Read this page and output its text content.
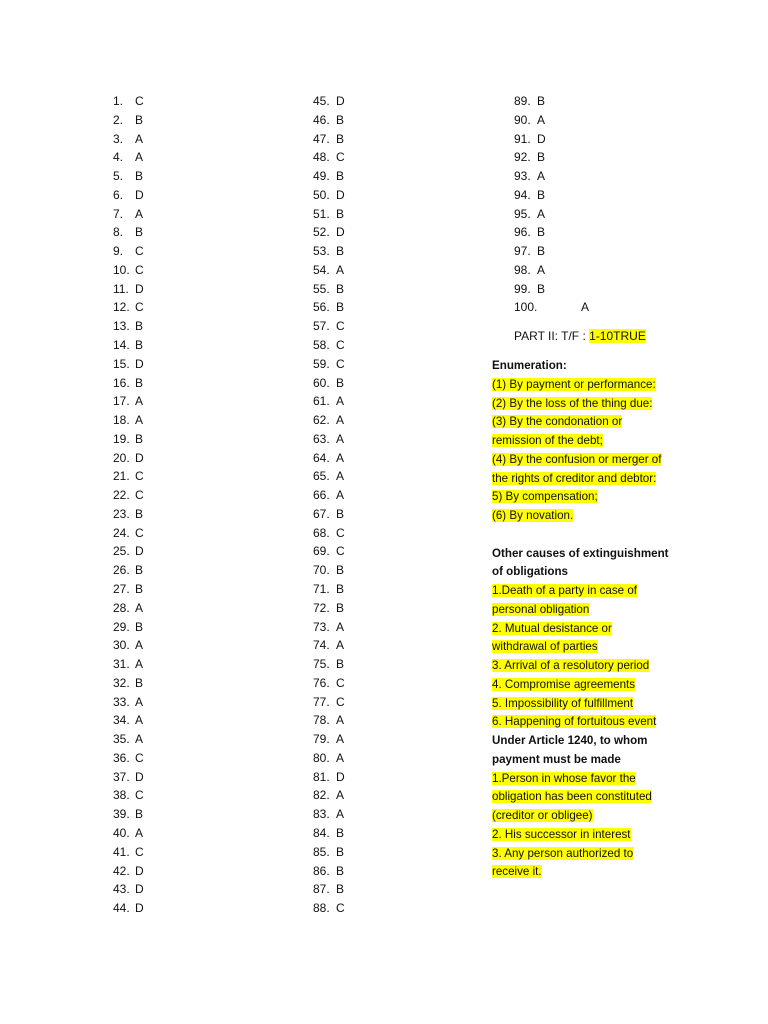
PART II: T/F : 1-10TRUE
1. C
2. B
3. A
4. A
5. B
6. D
7. A
8. B
9. C
10. C
11. D
12. C
13. B
14. B
15. D
16. B
17. A
18. A
19. B
20. D
21. C
22. C
23. B
24. C
25. D
26. B
27. B
28. A
29. B
30. A
31. A
32. B
33. A
34. A
35. A
36. C
37. D
38. C
39. B
40. A
41. C
42. D
43. D
44. D
45. D
46. B
47. B
48. C
49. B
50. D
51. B
52. D
53. B
54. A
55. B
56. B
57. C
58. C
59. C
60. B
61. A
62. A
63. A
64. A
65. A
66. A
67. B
68. C
69. C
70. B
71. B
72. B
73. A
74. A
75. B
76. C
77. C
78. A
79. A
80. A
81. D
82. A
83. A
84. B
85. B
86. B
87. B
88. C
89. B
90. A
91. D
92. B
93. A
94. B
95. A
96. B
97. B
98. A
99. B
100.	A
Enumeration:
(1) By payment or performance:
(2) By the loss of the thing due:
(3) By the condonation or
remission of the debt;
(4) By the confusion or merger of
the rights of creditor and debtor:
5) By compensation;
(6) By novation.
Other causes of extinguishment
of obligations
1.Death of a party in case of
personal obligation
2. Mutual desistance or
withdrawal of parties
3. Arrival of a resolutory period
4. Compromise agreements
5. Impossibility of fulfillment
6. Happening of fortuitous event
Under Article 1240, to whom
payment must be made
1.Person in whose favor the
obligation has been constituted
(creditor or obligee)
2. His successor in interest
3. Any person authorized to
receive it.
